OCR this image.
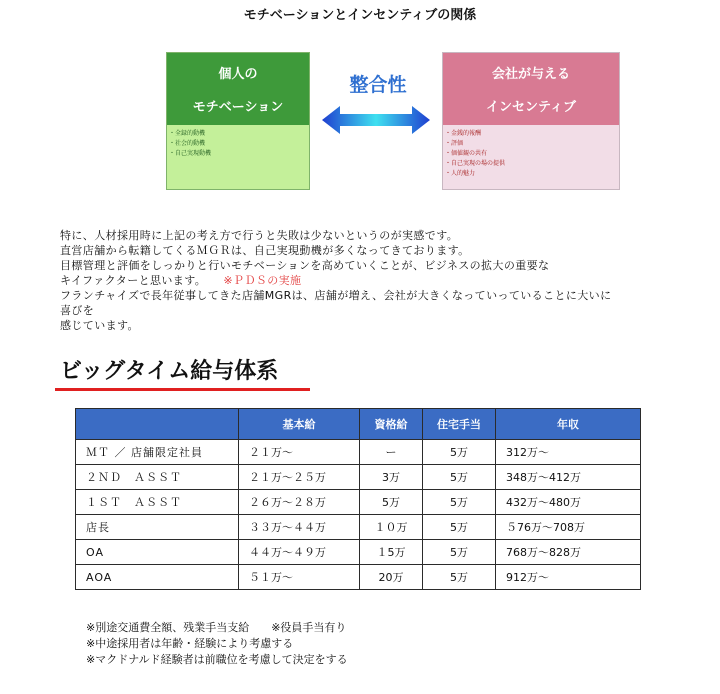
モチベーションとインセンティブの関係
個人の
モチベーション
・ 全録的動機
・ 社会的動機
・ 自己実現動機
整合性	会社が与える
インセンティブ
・ 金銭的報酬
・ 評価
・ 価値観の共有
・ 自己実現の場の提供
・ 人的魅力
特に、人材採用時に上記の考え方で行うと失敗は少ないというのが実感です。
直営店舗から転籍してくるＭＧＲは、自己実現動機が多くなってきております。
目標管理と評価をしっかりと行いモチベーションを高めていくことが、ビジネスの拡大の重要な
キイファクターと思います。　　 ※ＰＤＳの実施
フランチャイズで長年従事してきた店舗MGRは、店舗が増え、会社が大きくなっていっていることに大いに
喜びを
感じています。
ビッグタイム給与体系
	基本給	資格給	住宅手当	年収
ＭＴ ／ 店舗限定社員	２１万～	ー	5万	312万～
２ＮＤ　ＡＳＳＴ	２１万～２５万	3万	5万	348万～412万
１ＳＴ　ＡＳＳＴ	２６万～２８万	5万	5万	432万～480万
店長	３３万～４４万	１０万	5万	５76万～708万
OA	４４万～４９万	１5万	5万	768万～828万
AOA	５１万～	20万	5万	912万～
※別途交通費全額、残業手当支給　　※役員手当有り
※中途採用者は年齢・経験により考慮する
※マクドナルド経験者は前職位を考慮して決定をする
